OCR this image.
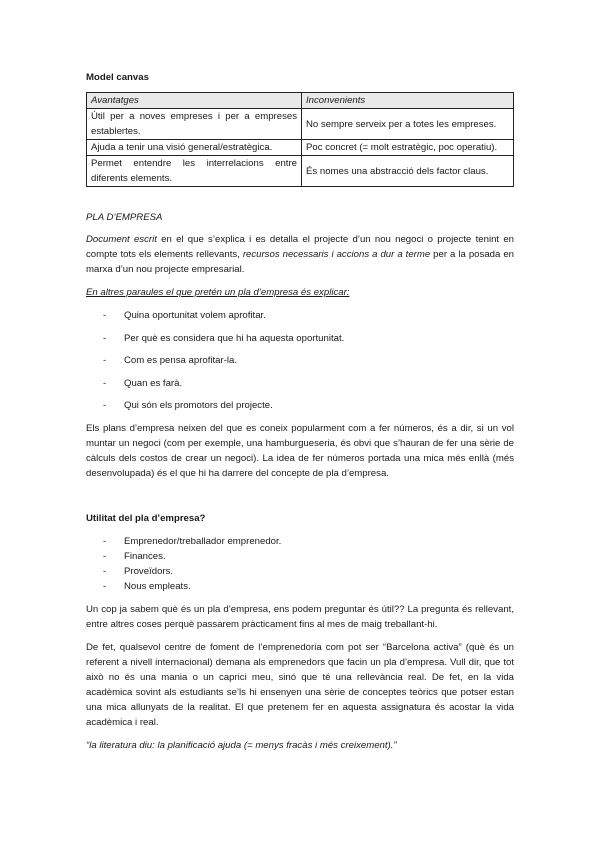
Model canvas

Avantatges	Inconvenients
Útil per a noves empreses i per a empreses establertes.	No sempre serveix per a totes les empreses.
Ajuda a tenir una visió general/estratègica.	Poc concret (= molt estratègic, poc operatiu).
Permet entendre les interrelacions entre diferents elements.	És nomes una abstracció dels factor claus.

PLA D’EMPRESA

Document escrit en el que s’explica i es detalla el projecte d’un nou negoci o projecte tenint en compte tots els elements rellevants, recursos necessaris i accions a dur a terme per a la posada en marxa d’un nou projecte empresarial.

En altres paraules el que pretén un pla d’empresa és explicar:

- Quina oportunitat volem aprofitar.
- Per què es considera que hi ha aquesta oportunitat.
- Com es pensa aprofitar-la.
- Quan es farà.
- Qui són els promotors del projecte.

Els plans d’empresa neixen del que es coneix popularment com a fer números, és a dir, si un vol muntar un negoci (com per exemple, una hamburgueseria, és obvi que s’hauran de fer una sèrie de càlculs dels costos de crear un negoci). La idea de fer números portada una mica més enllà (més desenvolupada) és el que hi ha darrere del concepte de pla d’empresa.

Utilitat del pla d’empresa?

- Emprenedor/treballador emprenedor.
- Finances.
- Proveïdors.
- Nous empleats.

Un cop ja sabem què és un pla d’empresa, ens podem preguntar és útil?? La pregunta és rellevant, entre altres coses perquè passarem pràcticament fins al mes de maig treballant-hi.

De fet, qualsevol centre de foment de l’emprenedoria com pot ser “Barcelona activa” (què és un referent a nivell internacional) demana als emprenedors que facin un pla d’empresa. Vull dir, que tot això no és una mania o un caprici meu, sinó que té una rellevància real. De fet, en la vida acadèmica sovint als estudiants se’ls hi ensenyen una sèrie de conceptes teòrics que potser estan una mica allunyats de la realitat. El que pretenem fer en aquesta assignatura és acostar la vida acadèmica i real.

“la literatura diu: la planificació ajuda (= menys fracàs i més creixement).”
